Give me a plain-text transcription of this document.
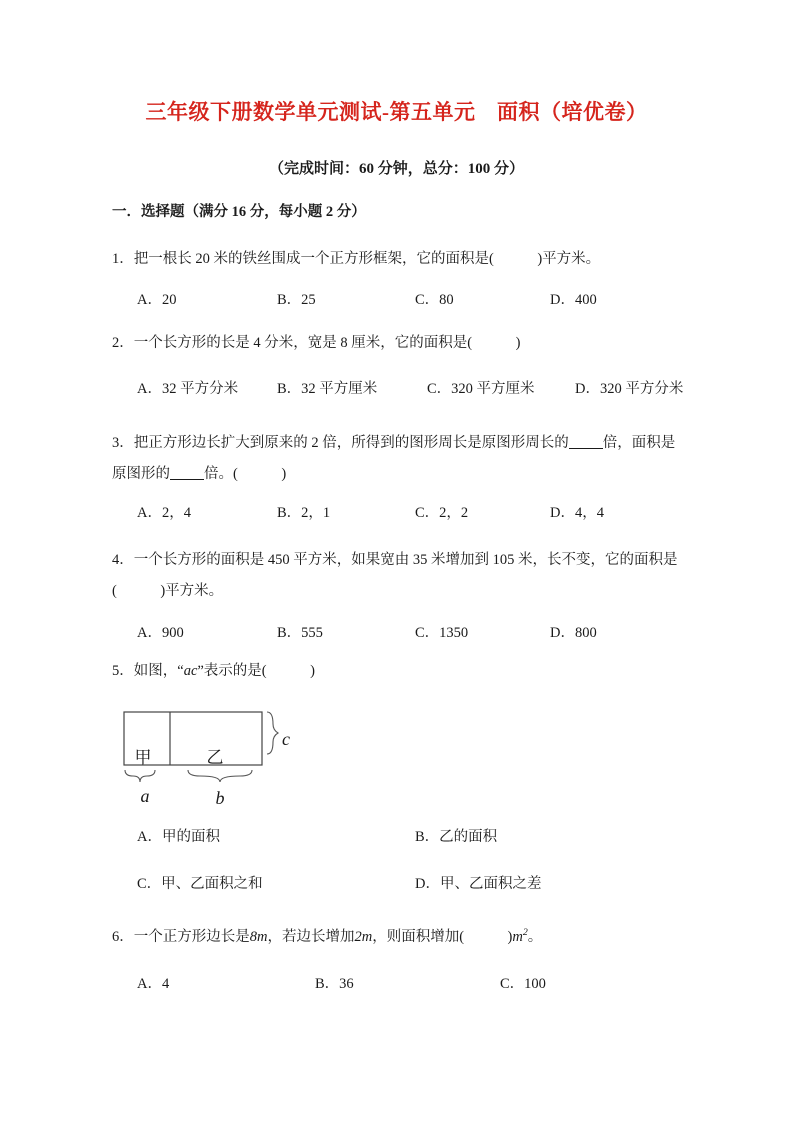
三年级下册数学单元测试-第五单元　面积（培优卷）
（完成时间：60 分钟，总分：100 分）
一．选择题（满分 16 分，每小题 2 分）
1．把一根长 20 米的铁丝围成一个正方形框架，它的面积是(　　　)平方米。
A．20	B．25	C．80	D．400
2．一个长方形的长是 4 分米，宽是 8 厘米，它的面积是(　　　)
A．32 平方分米	B．32 平方厘米	C．320 平方厘米	D．320 平方分米
3．把正方形边长扩大到原来的 2 倍，所得到的图形周长是原图形周长的 倍，面积是原图形的 倍。(　　　)
A．2，4	B．2，1	C．2，2	D．4，4
4．一个长方形的面积是 450 平方米，如果宽由 35 米增加到 105 米，长不变，它的面积是(　　　)平方米。
A．900	B．555	C．1350	D．800
5．如图，“ac”表示的是(　　　)
甲	乙
a	b
c
A．甲的面积	B．乙的面积
C．甲、乙面积之和	D．甲、乙面积之差
6．一个正方形边长是8m，若边长增加2m，则面积增加(　　　)$m^2$。
A．4	B．36	C．100
